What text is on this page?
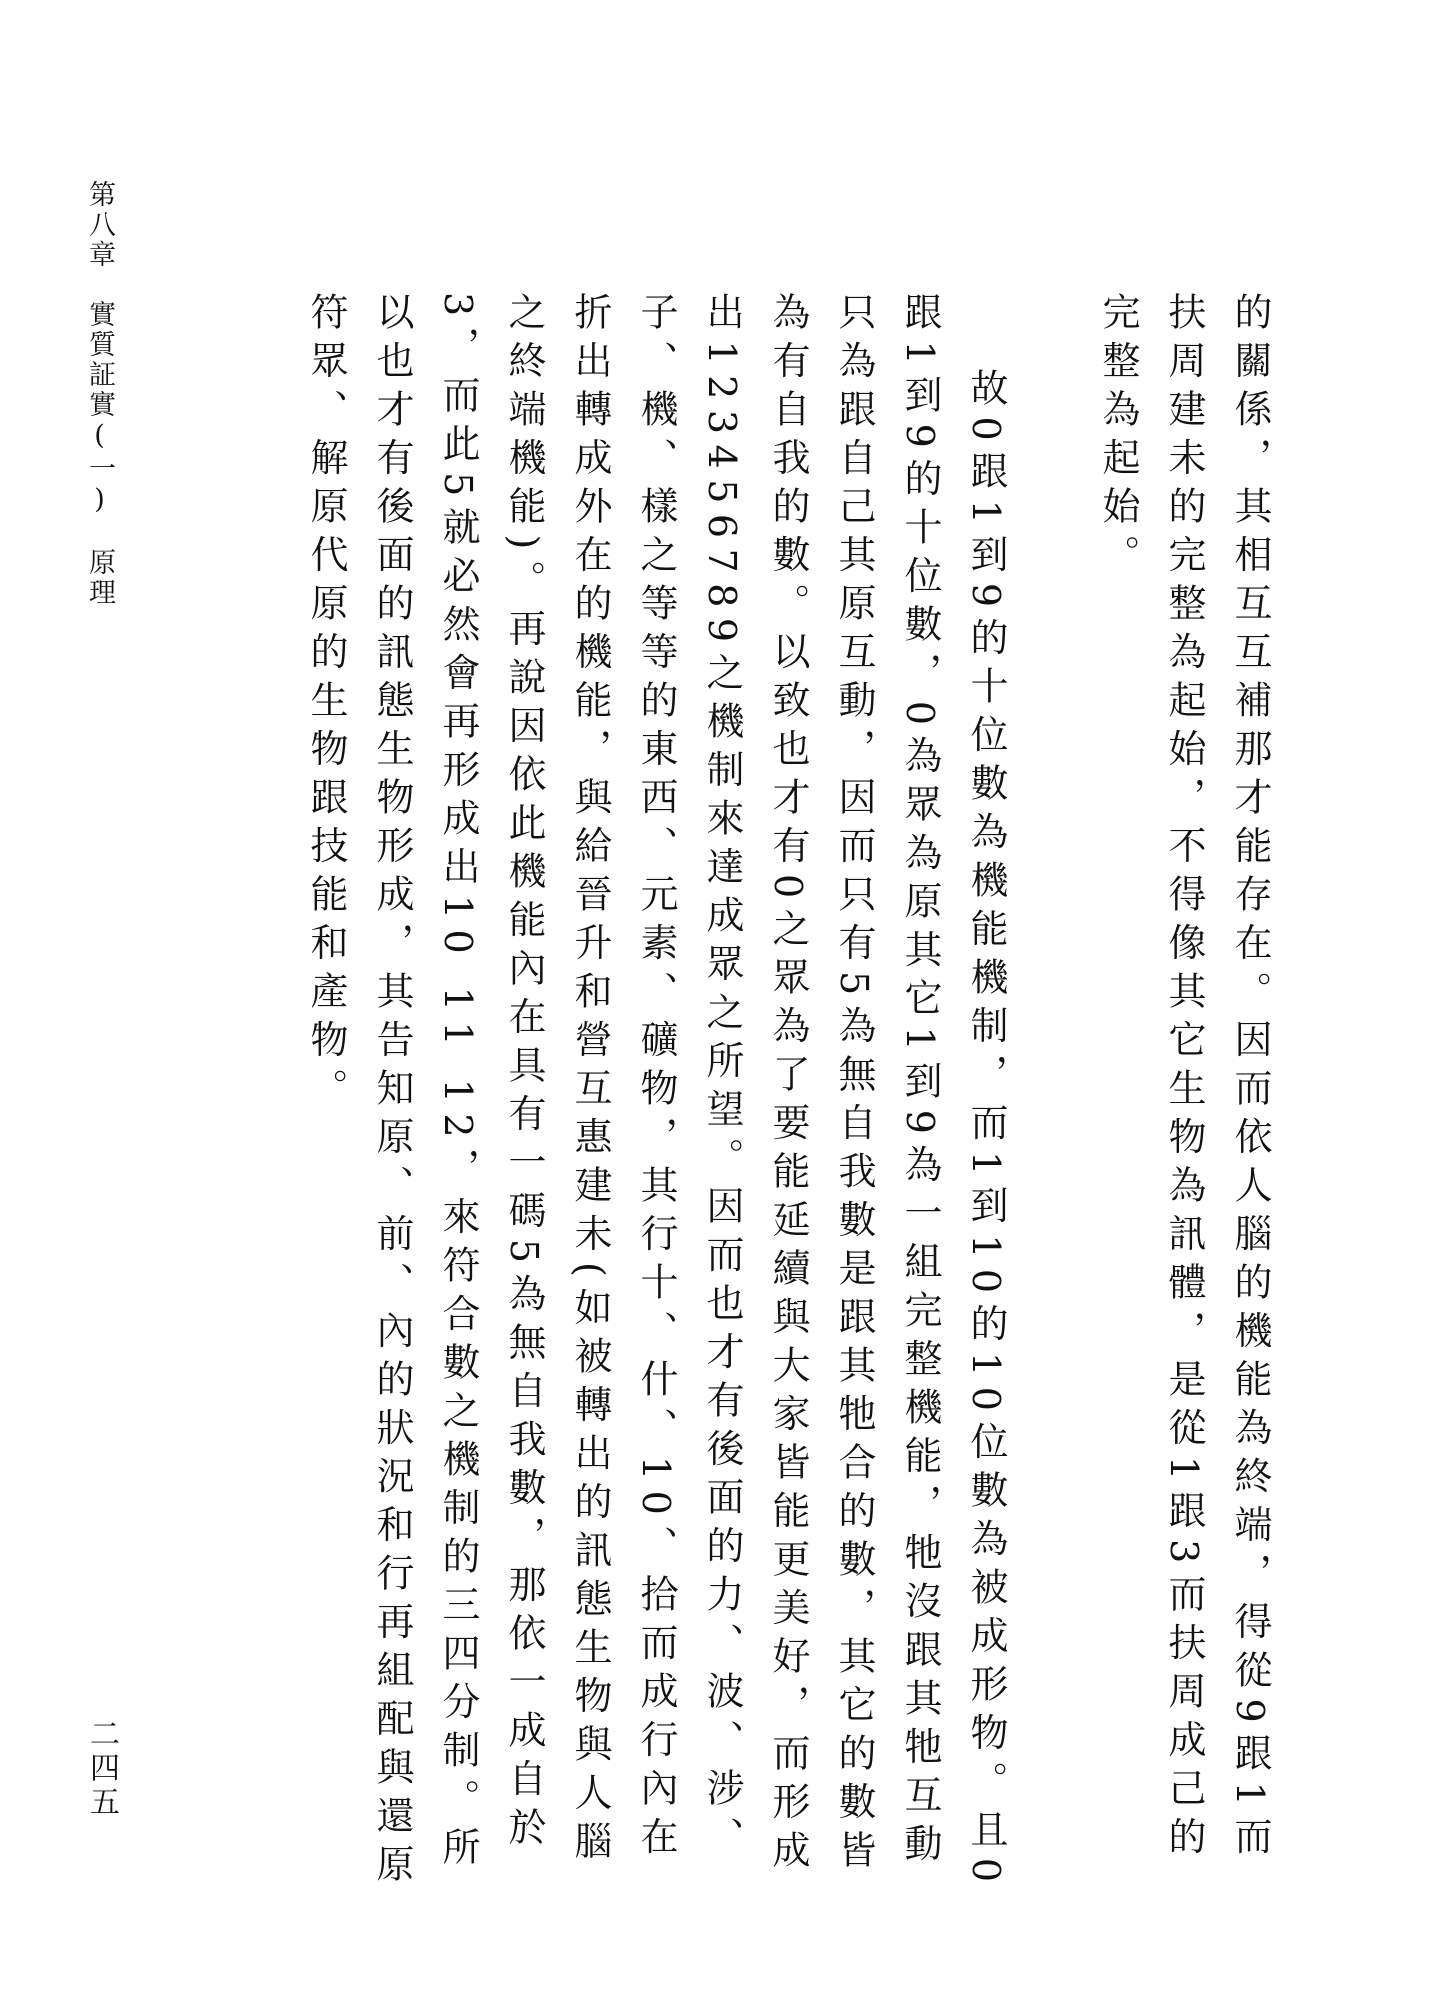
第八章　實質証實(一)　原理
二四五	的關係，其相互互補那才能存在。因而依人腦的機能為終端，得從9跟1而扶周建未的完整為起始，不得像其它生物為訊體，是從1跟3而扶周成己的完整為起始。

故0跟1到9的十位數為機能機制，而1到10的10位數為被成形物。且0跟1到9的十位數，0為眾為原其它1到9為一組完整機能，牠沒跟其牠互動只為跟自己其原互動，因而只有5為無自我數是跟其牠合的數，其它的數皆為有自我的數。以致也才有0之眾為了要能延續與大家皆能更美好，而形成出123456789之機制來達成眾之所望。因而也才有後面的力、波、涉、子、機、樣之等等的東西、元素、礦物，其行十、什、10、拾而成行內在折出轉成外在的機能，與給晉升和營互惠建未(如被轉出的訊態生物與人腦之終端機能)。再說因依此機能內在具有一碼5為無自我數，那依一成自於3，而此5就必然會再形成出10 11 12，來符合數之機制的三四分制。所以也才有後面的訊態生物形成，其告知原、前、內的狀況和行再組配與還原符眾、解原代原的生物跟技能和產物。
